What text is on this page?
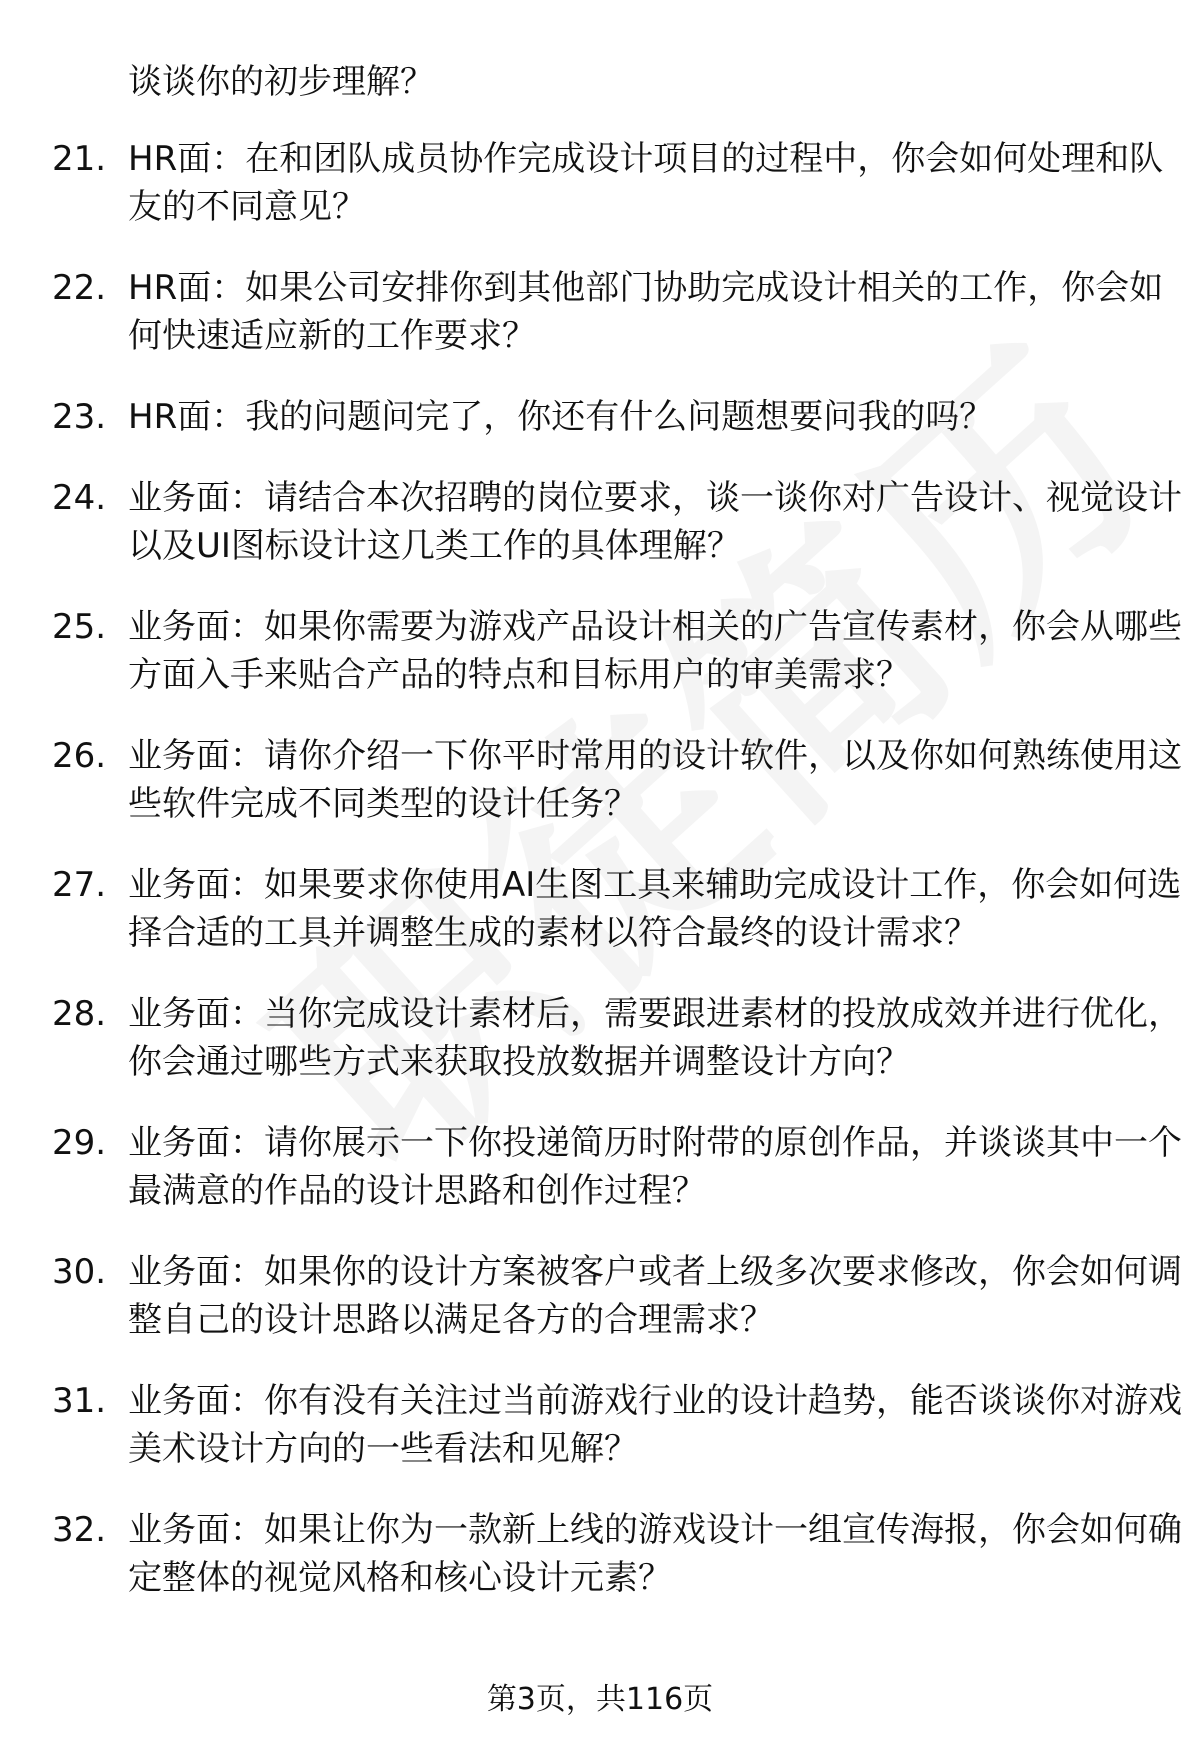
谈谈你的初步理解？
21. HR面：在和团队成员协作完成设计项目的过程中，你会如何处理和队友的不同意见？
22. HR面：如果公司安排你到其他部门协助完成设计相关的工作，你会如何快速适应新的工作要求？
23. HR面：我的问题问完了，你还有什么问题想要问我的吗？
24. 业务面：请结合本次招聘的岗位要求，谈一谈你对广告设计、视觉设计以及UI图标设计这几类工作的具体理解？
25. 业务面：如果你需要为游戏产品设计相关的广告宣传素材，你会从哪些方面入手来贴合产品的特点和目标用户的审美需求？
26. 业务面：请你介绍一下你平时常用的设计软件，以及你如何熟练使用这些软件完成不同类型的设计任务？
27. 业务面：如果要求你使用AI生图工具来辅助完成设计工作，你会如何选择合适的工具并调整生成的素材以符合最终的设计需求？
28. 业务面：当你完成设计素材后，需要跟进素材的投放成效并进行优化，你会通过哪些方式来获取投放数据并调整设计方向？
29. 业务面：请你展示一下你投递简历时附带的原创作品，并谈谈其中一个最满意的作品的设计思路和创作过程？
30. 业务面：如果你的设计方案被客户或者上级多次要求修改，你会如何调整自己的设计思路以满足各方的合理需求？
31. 业务面：你有没有关注过当前游戏行业的设计趋势，能否谈谈你对游戏美术设计方向的一些看法和见解？
32. 业务面：如果让你为一款新上线的游戏设计一组宣传海报，你会如何确定整体的视觉风格和核心设计元素？
第3页，共116页
